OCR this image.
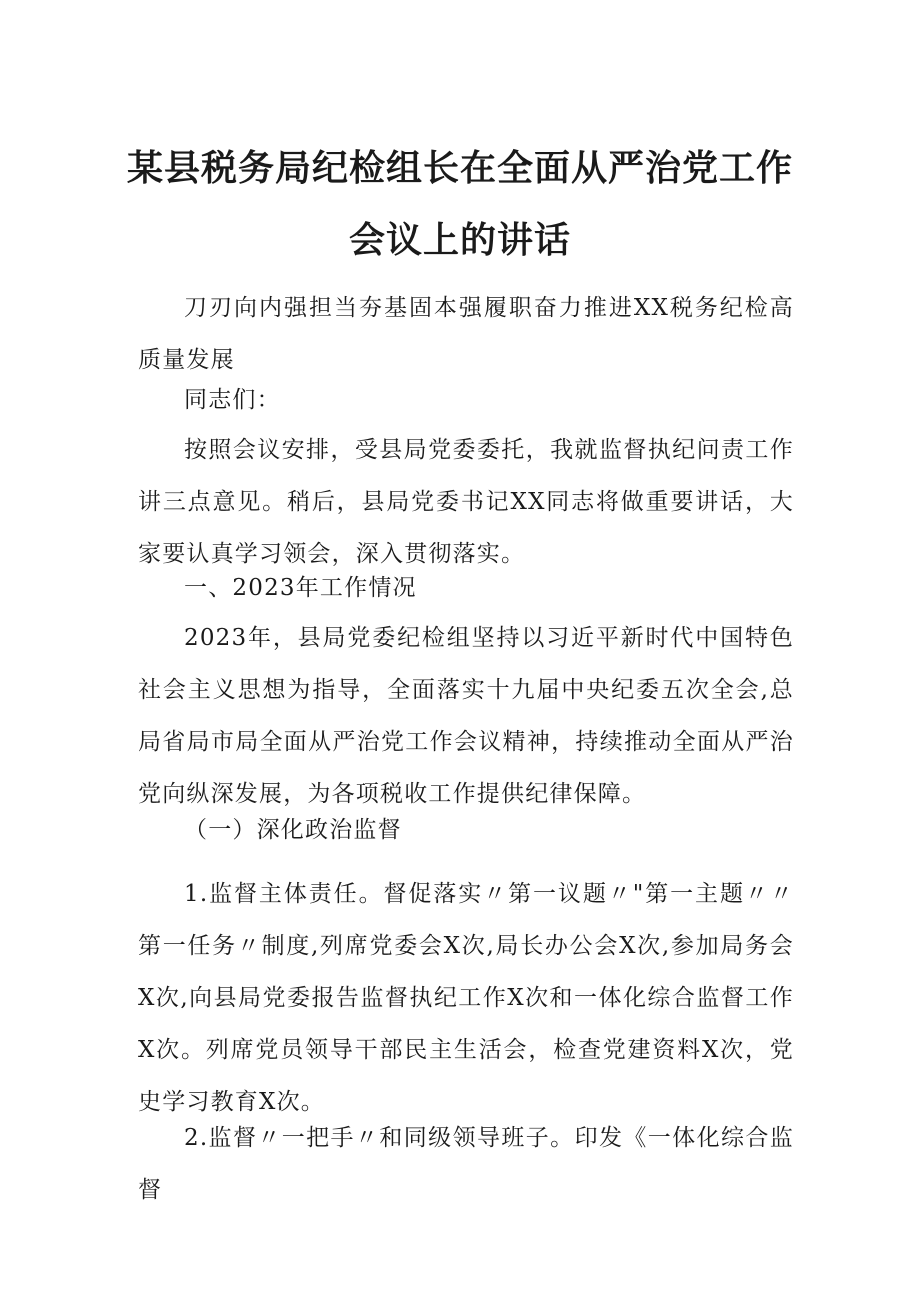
某县税务局纪检组长在全面从严治党工作
会议上的讲话

刀刃向内强担当夯基固本强履职奋力推进XX税务纪检高质量发展

同志们：

按照会议安排，受县局党委委托，我就监督执纪问责工作讲三点意见。稍后，县局党委书记XX同志将做重要讲话，大家要认真学习领会，深入贯彻落实。

一、2023年工作情况

2023年，县局党委纪检组坚持以习近平新时代中国特色社会主义思想为指导，全面落实十九届中央纪委五次全会,总局省局市局全面从严治党工作会议精神，持续推动全面从严治党向纵深发展，为各项税收工作提供纪律保障。

（一）深化政治监督

1.监督主体责任。督促落实〃第一议题〃"第一主题〃〃第一任务〃制度,列席党委会X次,局长办公会X次,参加局务会X次,向县局党委报告监督执纪工作X次和一体化综合监督工作X次。列席党员领导干部民主生活会，检查党建资料X次，党史学习教育X次。

2.监督〃一把手〃和同级领导班子。印发《一体化综合监督
